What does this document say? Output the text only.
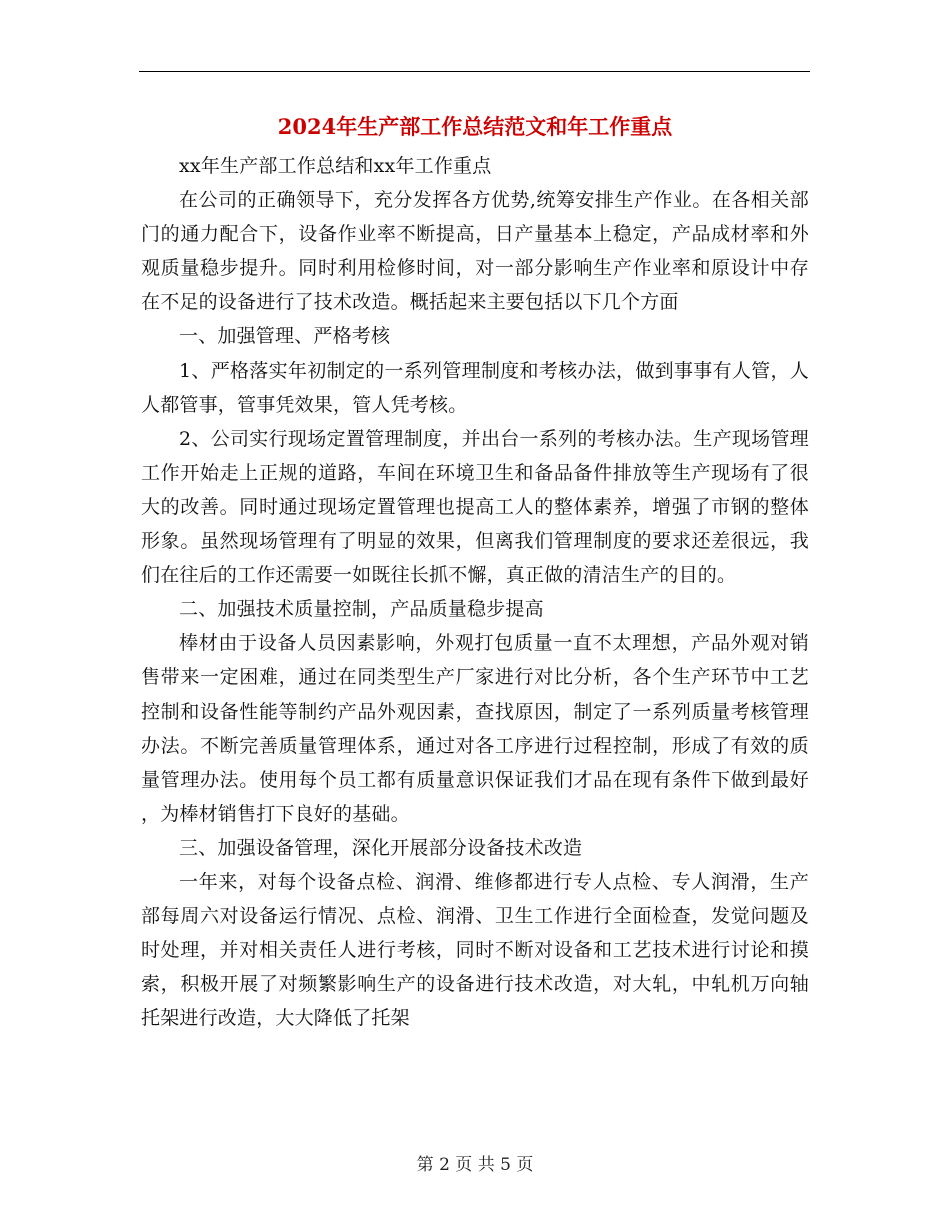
2024年生产部工作总结范文和年工作重点

xx年生产部工作总结和xx年工作重点

在公司的正确领导下，充分发挥各方优势,统筹安排生产作业。在各相关部门的通力配合下，设备作业率不断提高，日产量基本上稳定，产品成材率和外观质量稳步提升。同时利用检修时间，对一部分影响生产作业率和原设计中存在不足的设备进行了技术改造。概括起来主要包括以下几个方面

一、加强管理、严格考核

1、严格落实年初制定的一系列管理制度和考核办法，做到事事有人管，人人都管事，管事凭效果，管人凭考核。

2、公司实行现场定置管理制度，并出台一系列的考核办法。生产现场管理工作开始走上正规的道路，车间在环境卫生和备品备件排放等生产现场有了很大的改善。同时通过现场定置管理也提高工人的整体素养，增强了市钢的整体形象。虽然现场管理有了明显的效果，但离我们管理制度的要求还差很远，我们在往后的工作还需要一如既往长抓不懈，真正做的清洁生产的目的。

二、加强技术质量控制，产品质量稳步提高

棒材由于设备人员因素影响，外观打包质量一直不太理想，产品外观对销售带来一定困难，通过在同类型生产厂家进行对比分析，各个生产环节中工艺控制和设备性能等制约产品外观因素，查找原因，制定了一系列质量考核管理办法。不断完善质量管理体系，通过对各工序进行过程控制，形成了有效的质量管理办法。使用每个员工都有质量意识保证我们才品在现有条件下做到最好，为棒材销售打下良好的基础。

三、加强设备管理，深化开展部分设备技术改造

一年来，对每个设备点检、润滑、维修都进行专人点检、专人润滑，生产部每周六对设备运行情况、点检、润滑、卫生工作进行全面检查，发觉问题及时处理，并对相关责任人进行考核，同时不断对设备和工艺技术进行讨论和摸索，积极开展了对频繁影响生产的设备进行技术改造，对大轧，中轧机万向轴托架进行改造，大大降低了托架

第 2 页 共 5 页
